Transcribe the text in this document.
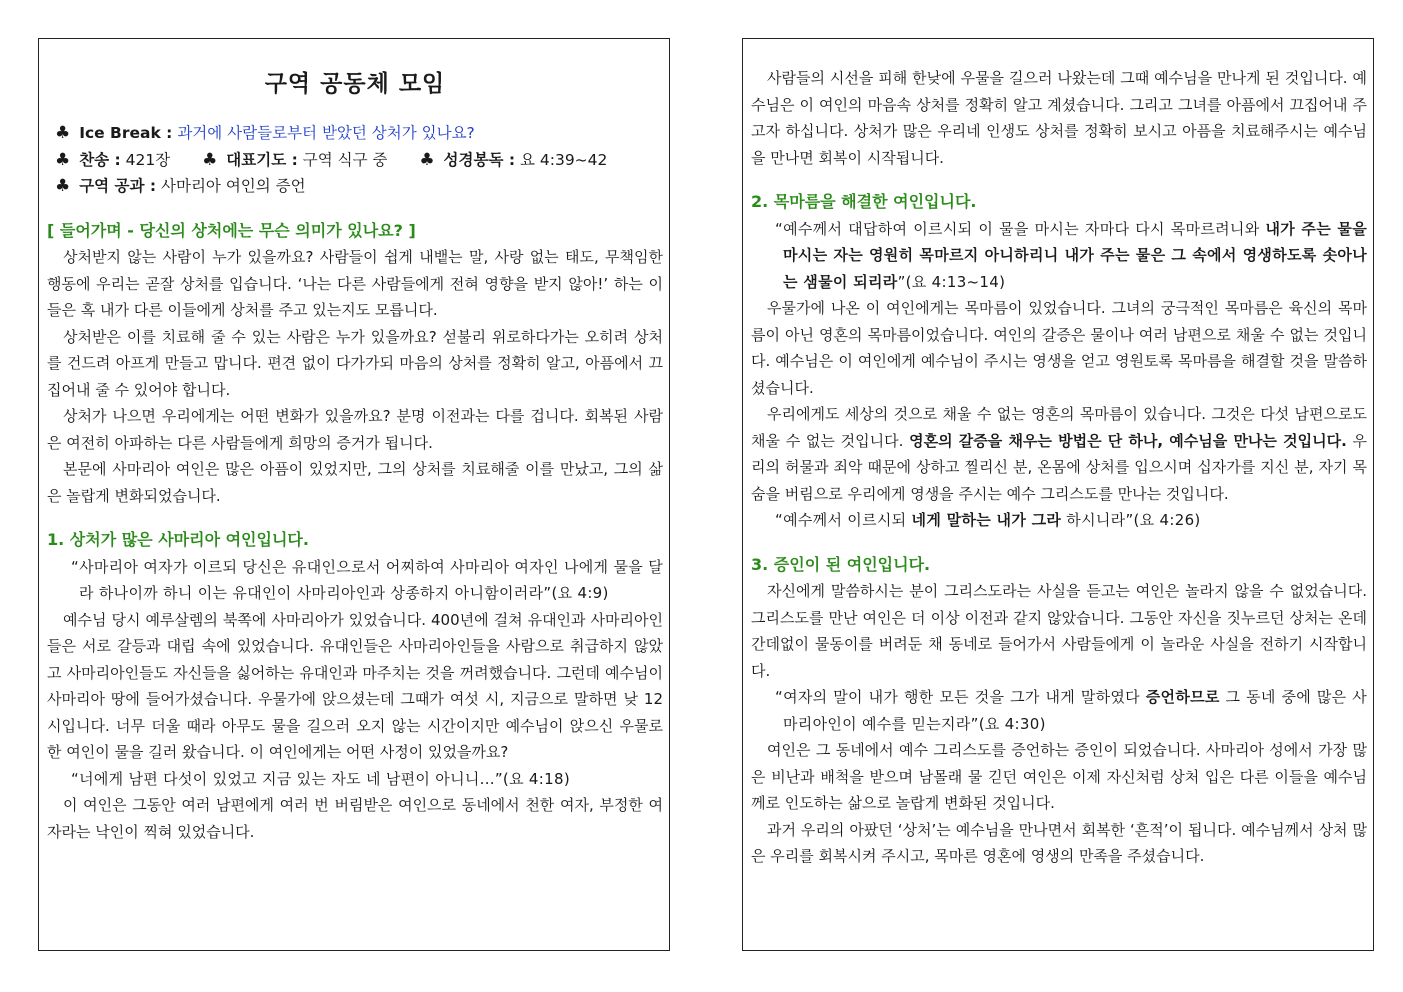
구역 공동체 모임
♣ Ice Break : 과거에 사람들로부터 받았던 상처가 있나요?
♣ 찬송 : 421장 ♣ 대표기도 : 구역 식구 중 ♣ 성경봉독 : 요 4:39~42
♣ 구역 공과 : 사마리아 여인의 증언
[ 들어가며 - 당신의 상처에는 무슨 의미가 있나요? ]

상처받지 않는 사람이 누가 있을까요? 사람들이 쉽게 내뱉는 말, 사랑 없는 태도, 무책임한 행동에 우리는 곧잘 상처를 입습니다. ‘나는 다른 사람들에게 전혀 영향을 받지 않아!’ 하는 이들은 혹 내가 다른 이들에게 상처를 주고 있는지도 모릅니다.

상처받은 이를 치료해 줄 수 있는 사람은 누가 있을까요? 섣불리 위로하다가는 오히려 상처를 건드려 아프게 만들고 맙니다. 편견 없이 다가가되 마음의 상처를 정확히 알고, 아픔에서 끄집어내 줄 수 있어야 합니다.

상처가 나으면 우리에게는 어떤 변화가 있을까요? 분명 이전과는 다를 겁니다. 회복된 사람은 여전히 아파하는 다른 사람들에게 희망의 증거가 됩니다.

본문에 사마리아 여인은 많은 아픔이 있었지만, 그의 상처를 치료해줄 이를 만났고, 그의 삶은 놀랍게 변화되었습니다.

1. 상처가 많은 사마리아 여인입니다.

“사마리아 여자가 이르되 당신은 유대인으로서 어찌하여 사마리아 여자인 나에게 물을 달라 하나이까 하니 이는 유대인이 사마리아인과 상종하지 아니함이러라”(요 4:9)

예수님 당시 예루살렘의 북쪽에 사마리아가 있었습니다. 400년에 걸쳐 유대인과 사마리아인들은 서로 갈등과 대립 속에 있었습니다. 유대인들은 사마리아인들을 사람으로 취급하지 않았고 사마리아인들도 자신들을 싫어하는 유대인과 마주치는 것을 꺼려했습니다. 그런데 예수님이 사마리아 땅에 들어가셨습니다. 우물가에 앉으셨는데 그때가 여섯 시, 지금으로 말하면 낮 12시입니다. 너무 더울 때라 아무도 물을 길으러 오지 않는 시간이지만 예수님이 앉으신 우물로 한 여인이 물을 길러 왔습니다. 이 여인에게는 어떤 사정이 있었을까요?

“너에게 남편 다섯이 있었고 지금 있는 자도 네 남편이 아니니...”(요 4:18)

이 여인은 그동안 여러 남편에게 여러 번 버림받은 여인으로 동네에서 천한 여자, 부정한 여자라는 낙인이 찍혀 있었습니다.

사람들의 시선을 피해 한낮에 우물을 길으러 나왔는데 그때 예수님을 만나게 된 것입니다. 예수님은 이 여인의 마음속 상처를 정확히 알고 계셨습니다. 그리고 그녀를 아픔에서 끄집어내 주고자 하십니다. 상처가 많은 우리네 인생도 상처를 정확히 보시고 아픔을 치료해주시는 예수님을 만나면 회복이 시작됩니다.

2. 목마름을 해결한 여인입니다.

“예수께서 대답하여 이르시되 이 물을 마시는 자마다 다시 목마르려니와 내가 주는 물을 마시는 자는 영원히 목마르지 아니하리니 내가 주는 물은 그 속에서 영생하도록 솟아나는 샘물이 되리라”(요 4:13~14)

우물가에 나온 이 여인에게는 목마름이 있었습니다. 그녀의 궁극적인 목마름은 육신의 목마름이 아닌 영혼의 목마름이었습니다. 여인의 갈증은 물이나 여러 남편으로 채울 수 없는 것입니다. 예수님은 이 여인에게 예수님이 주시는 영생을 얻고 영원토록 목마름을 해결할 것을 말씀하셨습니다.

우리에게도 세상의 것으로 채울 수 없는 영혼의 목마름이 있습니다. 그것은 다섯 남편으로도 채울 수 없는 것입니다. 영혼의 갈증을 채우는 방법은 단 하나, 예수님을 만나는 것입니다. 우리의 허물과 죄악 때문에 상하고 찔리신 분, 온몸에 상처를 입으시며 십자가를 지신 분, 자기 목숨을 버림으로 우리에게 영생을 주시는 예수 그리스도를 만나는 것입니다.

“예수께서 이르시되 네게 말하는 내가 그라 하시니라”(요 4:26)

3. 증인이 된 여인입니다.

자신에게 말씀하시는 분이 그리스도라는 사실을 듣고는 여인은 놀라지 않을 수 없었습니다. 그리스도를 만난 여인은 더 이상 이전과 같지 않았습니다. 그동안 자신을 짓누르던 상처는 온데간데없이 물동이를 버려둔 채 동네로 들어가서 사람들에게 이 놀라운 사실을 전하기 시작합니다.

“여자의 말이 내가 행한 모든 것을 그가 내게 말하였다 증언하므로 그 동네 중에 많은 사마리아인이 예수를 믿는지라”(요 4:30)

여인은 그 동네에서 예수 그리스도를 증언하는 증인이 되었습니다. 사마리아 성에서 가장 많은 비난과 배척을 받으며 남몰래 물 긷던 여인은 이제 자신처럼 상처 입은 다른 이들을 예수님께로 인도하는 삶으로 놀랍게 변화된 것입니다.

과거 우리의 아팠던 ‘상처’는 예수님을 만나면서 회복한 ‘흔적’이 됩니다. 예수님께서 상처 많은 우리를 회복시켜 주시고, 목마른 영혼에 영생의 만족을 주셨습니다.
